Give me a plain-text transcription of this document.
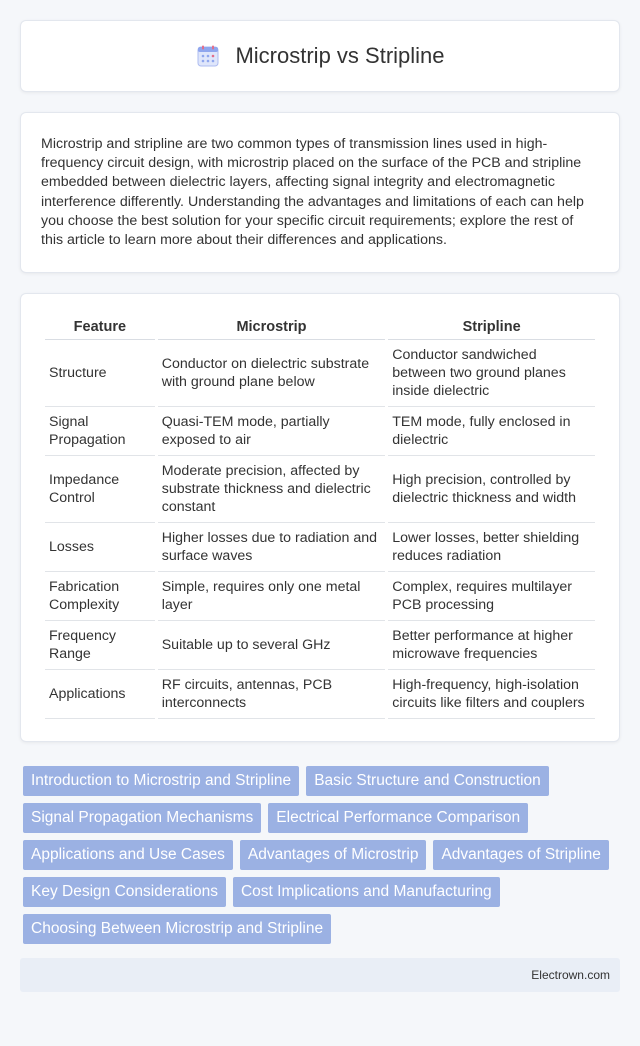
Microstrip vs Stripline

Microstrip and stripline are two common types of transmission lines used in high-frequency circuit design, with microstrip placed on the surface of the PCB and stripline embedded between dielectric layers, affecting signal integrity and electromagnetic interference differently. Understanding the advantages and limitations of each can help you choose the best solution for your specific circuit requirements; explore the rest of this article to learn more about their differences and applications.

Feature	Microstrip	Stripline
Structure	Conductor on dielectric substrate with ground plane below	Conductor sandwiched between two ground planes inside dielectric
Signal Propagation	Quasi-TEM mode, partially exposed to air	TEM mode, fully enclosed in dielectric
Impedance Control	Moderate precision, affected by substrate thickness and dielectric constant	High precision, controlled by dielectric thickness and width
Losses	Higher losses due to radiation and surface waves	Lower losses, better shielding reduces radiation
Fabrication Complexity	Simple, requires only one metal layer	Complex, requires multilayer PCB processing
Frequency Range	Suitable up to several GHz	Better performance at higher microwave frequencies
Applications	RF circuits, antennas, PCB interconnects	High-frequency, high-isolation circuits like filters and couplers
Introduction to Microstrip and Stripline	Basic Structure and Construction
Signal Propagation Mechanisms	Electrical Performance Comparison
Applications and Use Cases	Advantages of Microstrip	Advantages of Stripline
Key Design Considerations	Cost Implications and Manufacturing
Choosing Between Microstrip and Stripline
Electrown.com
